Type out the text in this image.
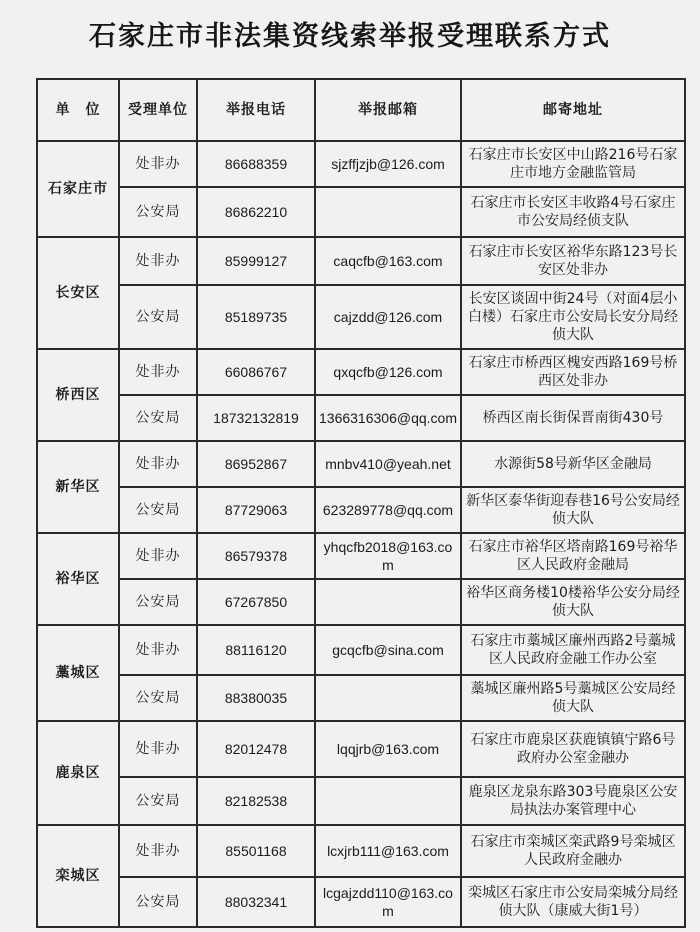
石家庄市非法集资线索举报受理联系方式
单　位	受理单位	举报电话	举报邮箱	邮寄地址
石家庄市	处非办	86688359	sjzffjzjb@126.com	石家庄市长安区中山路216号石家庄市地方金融监管局
	公安局	86862210		石家庄市长安区丰收路4号石家庄市公安局经侦支队
长安区	处非办	85999127	caqcfb@163.com	石家庄市长安区裕华东路123号长安区处非办
	公安局	85189735	cajzdd@126.com	长安区谈固中街24号（对面4层小白楼）石家庄市公安局长安分局经侦大队
桥西区	处非办	66086767	qxqcfb@126.com	石家庄市桥西区槐安西路169号桥西区处非办
	公安局	18732132819	1366316306@qq.com	桥西区南长街保晋南街430号
新华区	处非办	86952867	mnbv410@yeah.net	水源街58号新华区金融局
	公安局	87729063	623289778@qq.com	新华区泰华街迎春巷16号公安局经侦大队
裕华区	处非办	86579378	yhqcfb2018@163.com	石家庄市裕华区塔南路169号裕华区人民政府金融局
	公安局	67267850		裕华区商务楼10楼裕华公安分局经侦大队
藁城区	处非办	88116120	gcqcfb@sina.com	石家庄市藁城区廉州西路2号藁城区人民政府金融工作办公室
	公安局	88380035		藁城区廉州路5号藁城区公安局经侦大队
鹿泉区	处非办	82012478	lqqjrb@163.com	石家庄市鹿泉区获鹿镇镇宁路6号政府办公室金融办
	公安局	82182538		鹿泉区龙泉东路303号鹿泉区公安局执法办案管理中心
栾城区	处非办	85501168	lcxjrb111@163.com	石家庄市栾城区栾武路9号栾城区人民政府金融办
	公安局	88032341	lcgajzdd110@163.com	栾城区石家庄市公安局栾城分局经侦大队（康威大街1号）
